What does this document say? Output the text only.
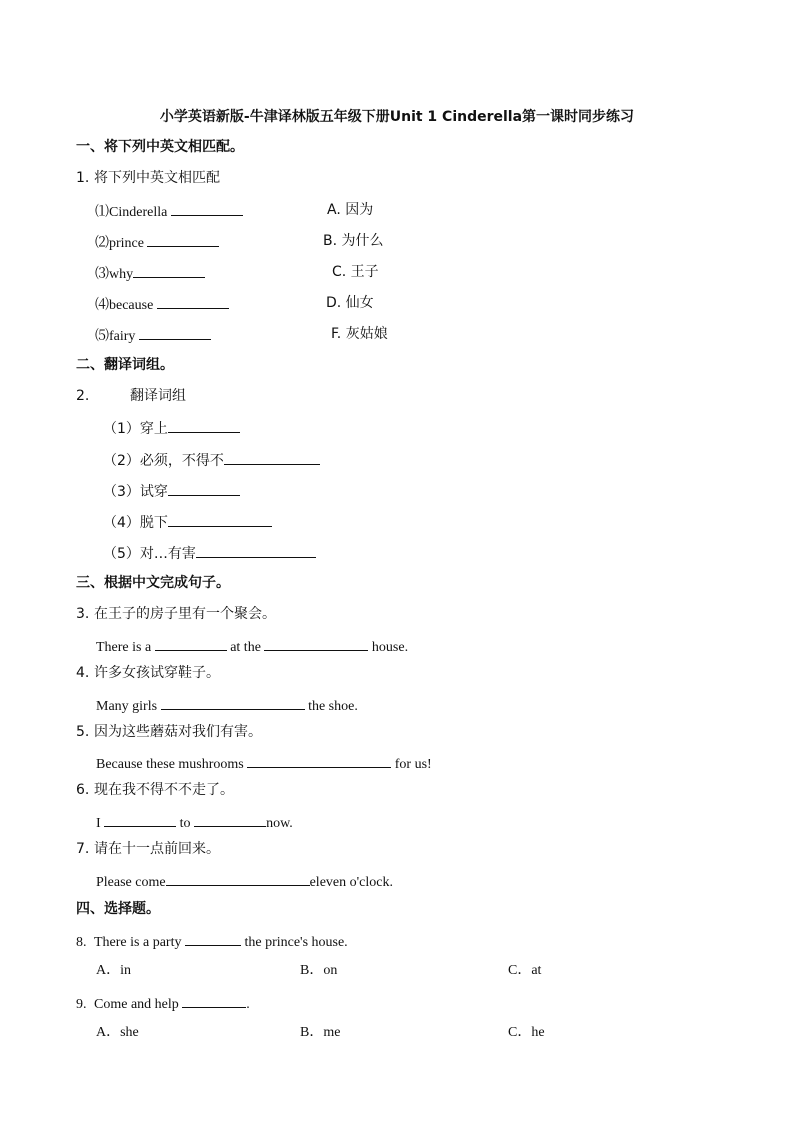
小学英语新版-牛津译林版五年级下册Unit 1 Cinderella第一课时同步练习
一、将下列中英文相匹配。
1. 将下列中英文相匹配
⑴Cinderella	A. 因为
⑵prince	B. 为什么
⑶why	C. 王子
⑷because	D. 仙女
⑸fairy	F. 灰姑娘
二、翻译词组。
2.	翻译词组
（1）穿上
（2）必须，不得不
（3）试穿
（4）脱下
（5）对…有害
三、根据中文完成句子。
3. 在王子的房子里有一个聚会。
There is a	at the	house.
4. 许多女孩试穿鞋子。
Many girls	the shoe.
5. 因为这些蘑菇对我们有害。
Because these mushrooms	for us!
6. 现在我不得不不走了。
I	to	now.
7. 请在十一点前回来。
Please come	eleven o'clock.
四、选择题。
8. There is a party	the prince's house.
A．in	B．on	C．at
9. Come and help	.
A．she	B．me	C．he
